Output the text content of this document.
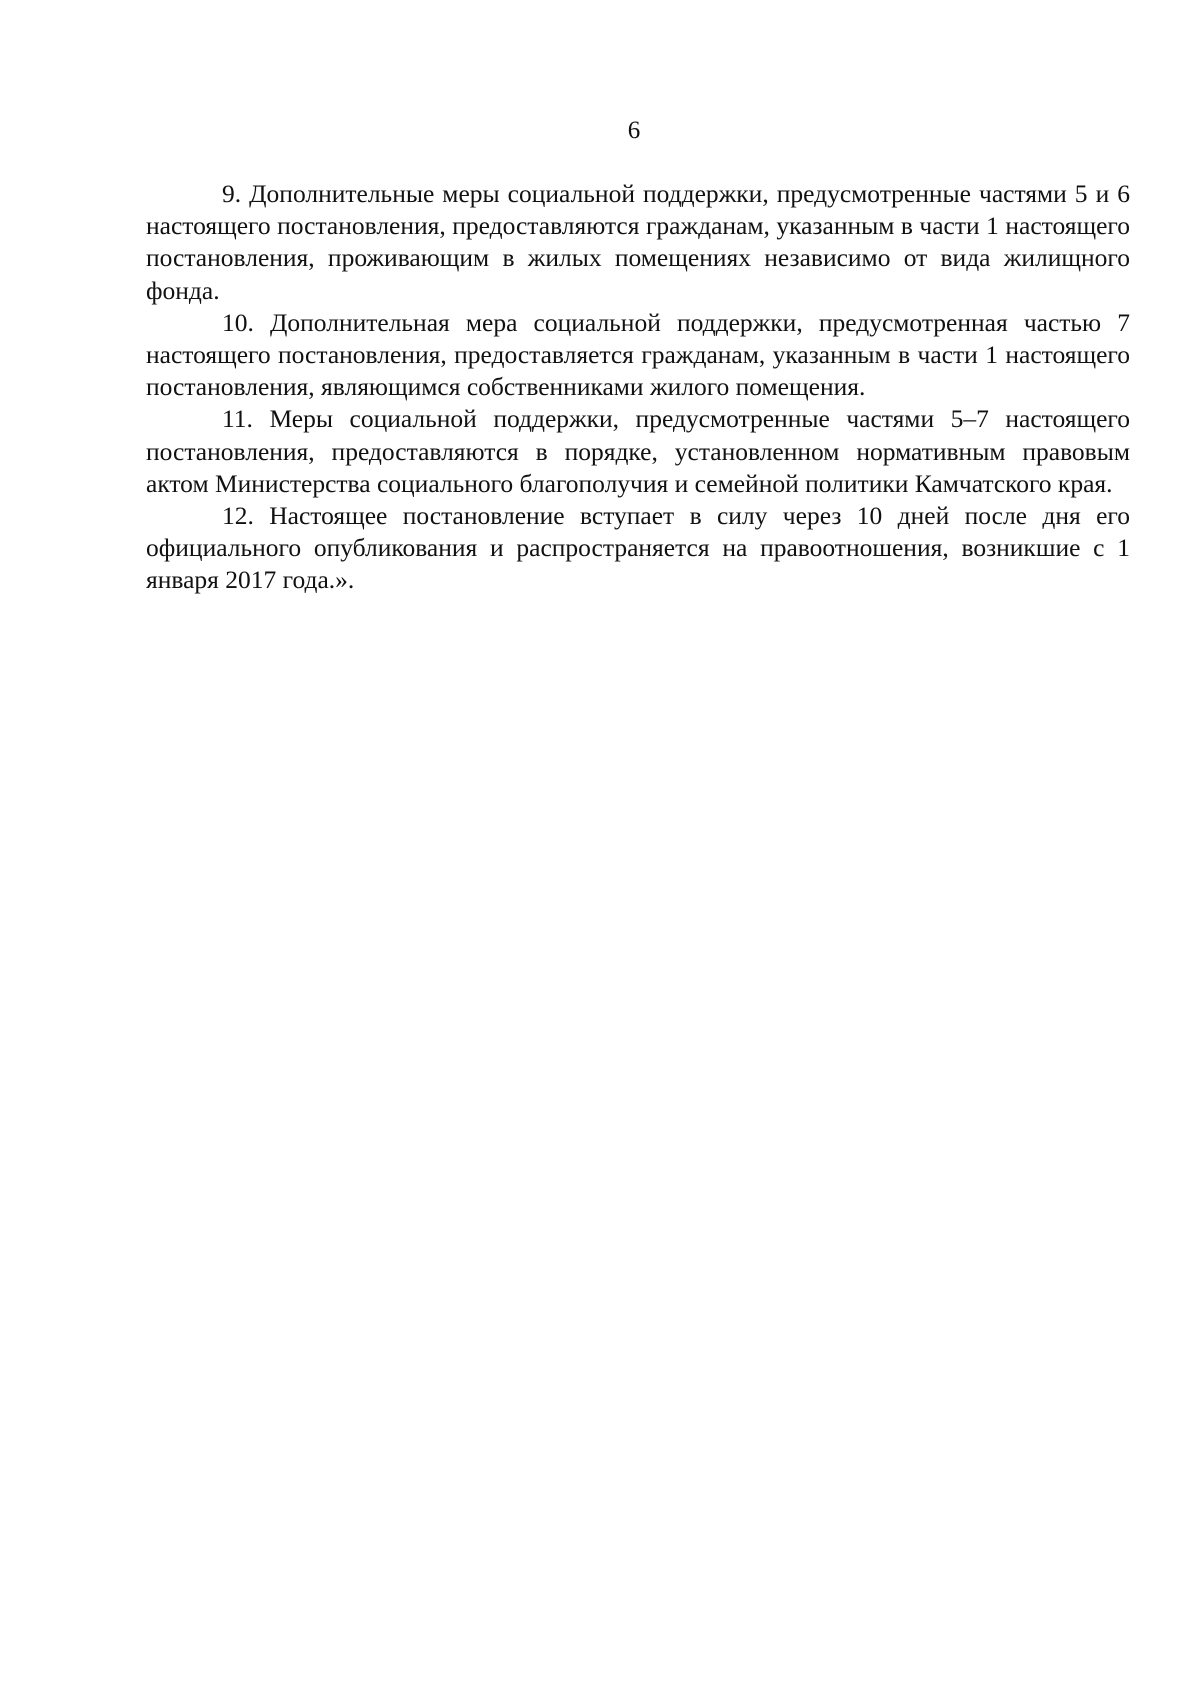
6

9. Дополнительные меры социальной поддержки, предусмотренные частями 5 и 6 настоящего постановления, предоставляются гражданам, указанным в части 1 настоящего постановления, проживающим в жилых помещениях независимо от вида жилищного фонда.

10. Дополнительная мера социальной поддержки, предусмотренная частью 7 настоящего постановления, предоставляется гражданам, указанным в части 1 настоящего постановления, являющимся собственниками жилого помещения.

11. Меры социальной поддержки, предусмотренные частями 5–7 настоящего постановления, предоставляются в порядке, установленном нормативным правовым актом Министерства социального благополучия и семейной политики Камчатского края.

12. Настоящее постановление вступает в силу через 10 дней после дня его официального опубликования и распространяется на правоотношения, возникшие с 1 января 2017 года.».
